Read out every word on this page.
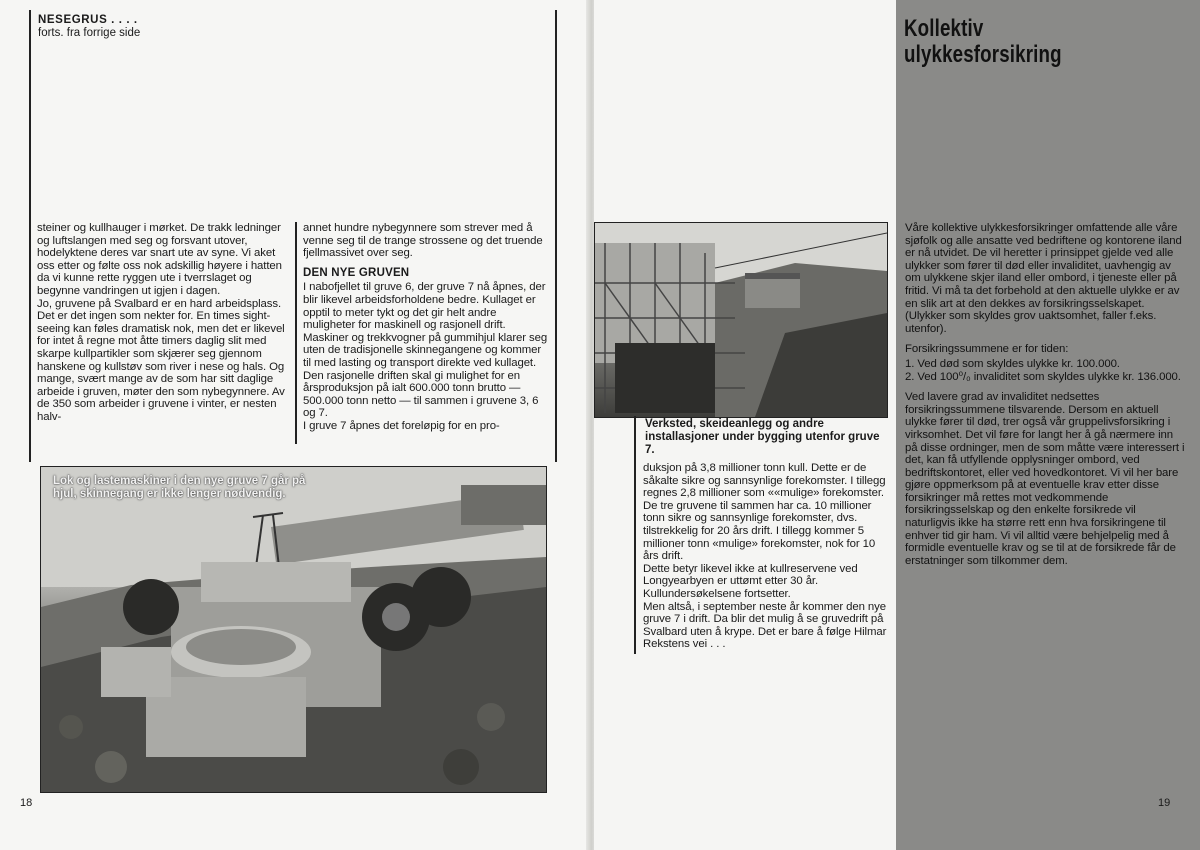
NESEGRUS . . . .
forts. fra forrige side

steiner og kullhauger i mørket. De trakk ledninger og luftslangen med seg og forsvant utover, hodelyktene deres var snart ute av syne. Vi aket oss etter og følte oss nok adskillig høyere i hatten da vi kunne rette ryggen ute i tverrslaget og begynne vandringen ut igjen i dagen.
Jo, gruvene på Svalbard er en hard arbeidsplass. Det er det ingen som nekter for. En times sight-seeing kan føles dramatisk nok, men det er likevel for intet å regne mot åtte timers daglig slit med skarpe kullpartikler som skjærer seg gjennom hanskene og kullstøv som river i nese og hals. Og mange, svært mange av de som har sitt daglige arbeide i gruven, møter den som nybegynnere. Av de 350 som arbeider i gruvene i vinter, er nesten halv-

annet hundre nybegynnere som strever med å venne seg til de trange strossene og det truende fjellmassivet over seg.

DEN NYE GRUVEN

I nabofjellet til gruve 6, der gruve 7 nå åpnes, der blir likevel arbeidsforholdene bedre. Kullaget er opptil to meter tykt og det gir helt andre muligheter for maskinell og rasjonell drift. Maskiner og trekkvogner på gummihjul klarer seg uten de tradisjonelle skinnegangene og kommer til med lasting og transport direkte ved kullaget. Den rasjonelle driften skal gi mulighet for en årsproduksjon på ialt 600.000 tonn brutto — 500.000 tonn netto — til sammen i gruvene 3, 6 og 7.
I gruve 7 åpnes det foreløpig for en pro-

Lok og lastemaskiner i den nye gruve 7 går på hjul, skinnegang er ikke lenger nødvendig.
18
Verksted, skeideanlegg og andre installasjoner under bygging utenfor gruve 7.

duksjon på 3,8 millioner tonn kull. Dette er de såkalte sikre og sannsynlige forekomster. I tillegg regnes 2,8 millioner som ««mulige» forekomster. De tre gruvene til sammen har ca. 10 millioner tonn sikre og sannsynlige forekomster, dvs. tilstrekkelig for 20 års drift. I tillegg kommer 5 millioner tonn «mulige» forekomster, nok for 10 års drift.
Dette betyr likevel ikke at kullreservene ved Longyearbyen er uttømt etter 30 år. Kullundersøkelsene fortsetter.
Men altså, i september neste år kommer den nye gruve 7 i drift. Da blir det mulig å se gruvedrift på Svalbard uten å krype. Det er bare å følge Hilmar Rekstens vei . . .

Kollektiv
ulykkesforsikring

Våre kollektive ulykkesforsikringer omfattende alle våre sjøfolk og alle ansatte ved bedriftene og kontorene iland er nå utvidet. De vil heretter i prinsippet gjelde ved alle ulykker som fører til død eller invaliditet, uavhengig av om ulykkene skjer iland eller ombord, i tjeneste eller på fritid. Vi må ta det forbehold at den aktuelle ulykke er av en slik art at den dekkes av forsikringsselskapet. (Ulykker som skyldes grov uaktsomhet, faller f.eks. utenfor).

Forsikringssummene er for tiden:

1. Ved død som skyldes ulykke kr. 100.000.
2. Ved 100⁰/₀ invaliditet som skyldes ulykke kr. 136.000.

Ved lavere grad av invaliditet nedsettes forsikringssummene tilsvarende. Dersom en aktuell ulykke fører til død, trer også vår gruppelivsforsikring i virksomhet. Det vil føre for langt her å gå nærmere inn på disse ordninger, men de som måtte være interessert i det, kan få utfyllende opplysninger ombord, ved bedriftskontoret, eller ved hovedkontoret. Vi vil her bare gjøre oppmerksom på at eventuelle krav etter disse forsikringer må rettes mot vedkommende forsikringsselskap og den enkelte forsikrede vil naturligvis ikke ha større rett enn hva forsikringene til enhver tid gir ham. Vi vil alltid være behjelpelig med å formidle eventuelle krav og se til at de forsikrede får de erstatninger som tilkommer dem.

19
